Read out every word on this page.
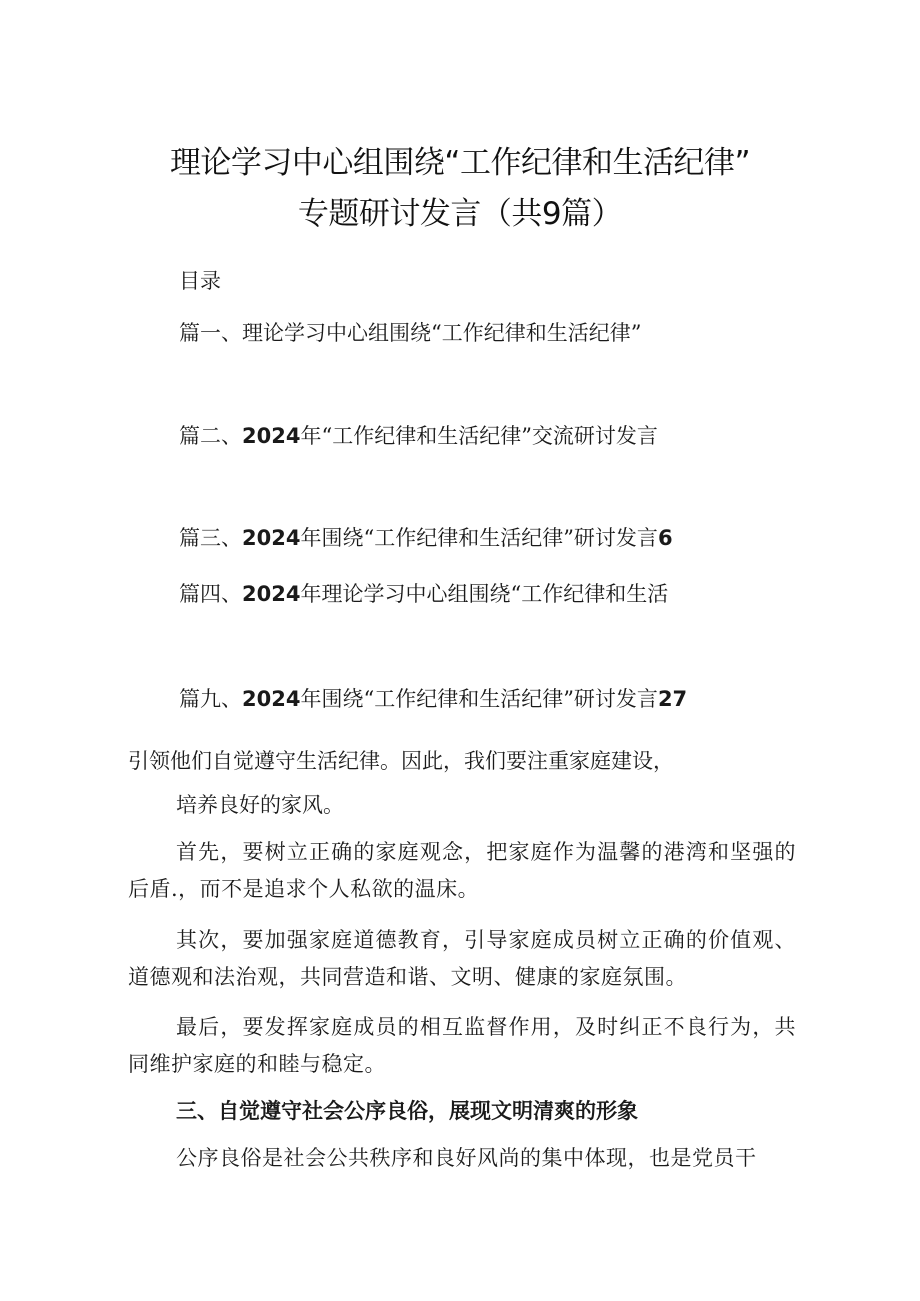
理论学习中心组围绕“工作纪律和生活纪律”
专题研讨发言（共9篇）
目录
篇一、理论学习中心组围绕“工作纪律和生活纪律”
篇二、2024年“工作纪律和生活纪律”交流研讨发言
篇三、2024年围绕“工作纪律和生活纪律”研讨发言6
篇四、2024年理论学习中心组围绕“工作纪律和生活
篇九、2024年围绕“工作纪律和生活纪律”研讨发言27
引领他们自觉遵守生活纪律。因此，我们要注重家庭建设，
培养良好的家风。
首先，要树立正确的家庭观念，把家庭作为温馨的港湾和坚强的后盾.，而不是追求个人私欲的温床。
其次，要加强家庭道德教育，引导家庭成员树立正确的价值观、道德观和法治观，共同营造和谐、文明、健康的家庭氛围。
最后，要发挥家庭成员的相互监督作用，及时纠正不良行为，共同维护家庭的和睦与稳定。
三、自觉遵守社会公序良俗，展现文明清爽的形象
公序良俗是社会公共秩序和良好风尚的集中体现，也是党员干
